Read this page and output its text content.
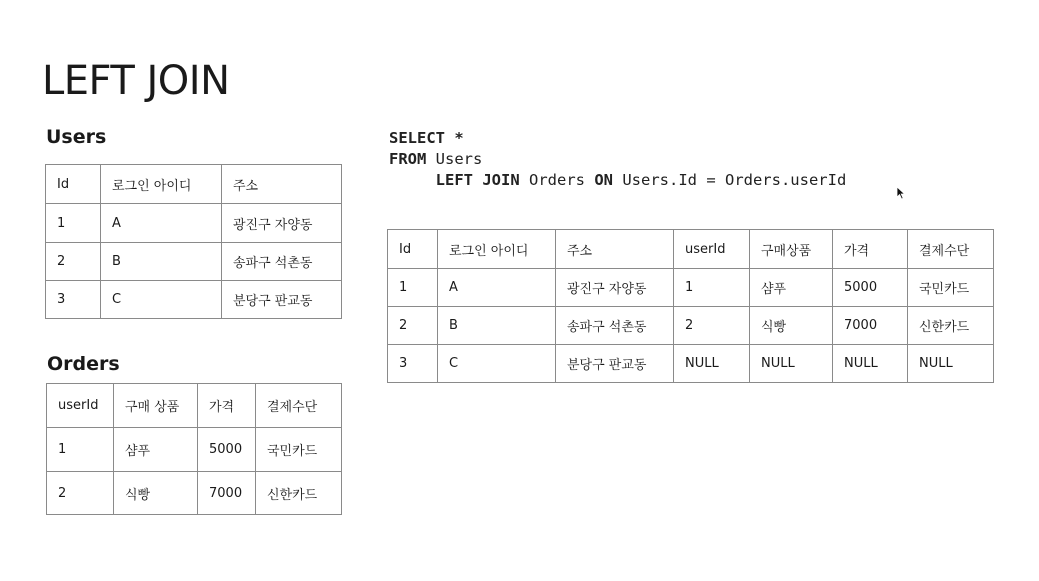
LEFT JOIN
Users
Id	로그인 아이디	주소
1	A	광진구 자양동
2	B	송파구 석촌동
3	C	분당구 판교동
Orders
userId	구매 상품	가격	결제수단
1	샴푸	5000	국민카드
2	식빵	7000	신한카드
SELECT *
FROM Users
LEFT JOIN Orders ON Users.Id = Orders.userId
Id	로그인 아이디	주소	userId	구매상품	가격	결제수단
1	A	광진구 자양동	1	샴푸	5000	국민카드
2	B	송파구 석촌동	2	식빵	7000	신한카드
3	C	분당구 판교동	NULL	NULL	NULL	NULL
